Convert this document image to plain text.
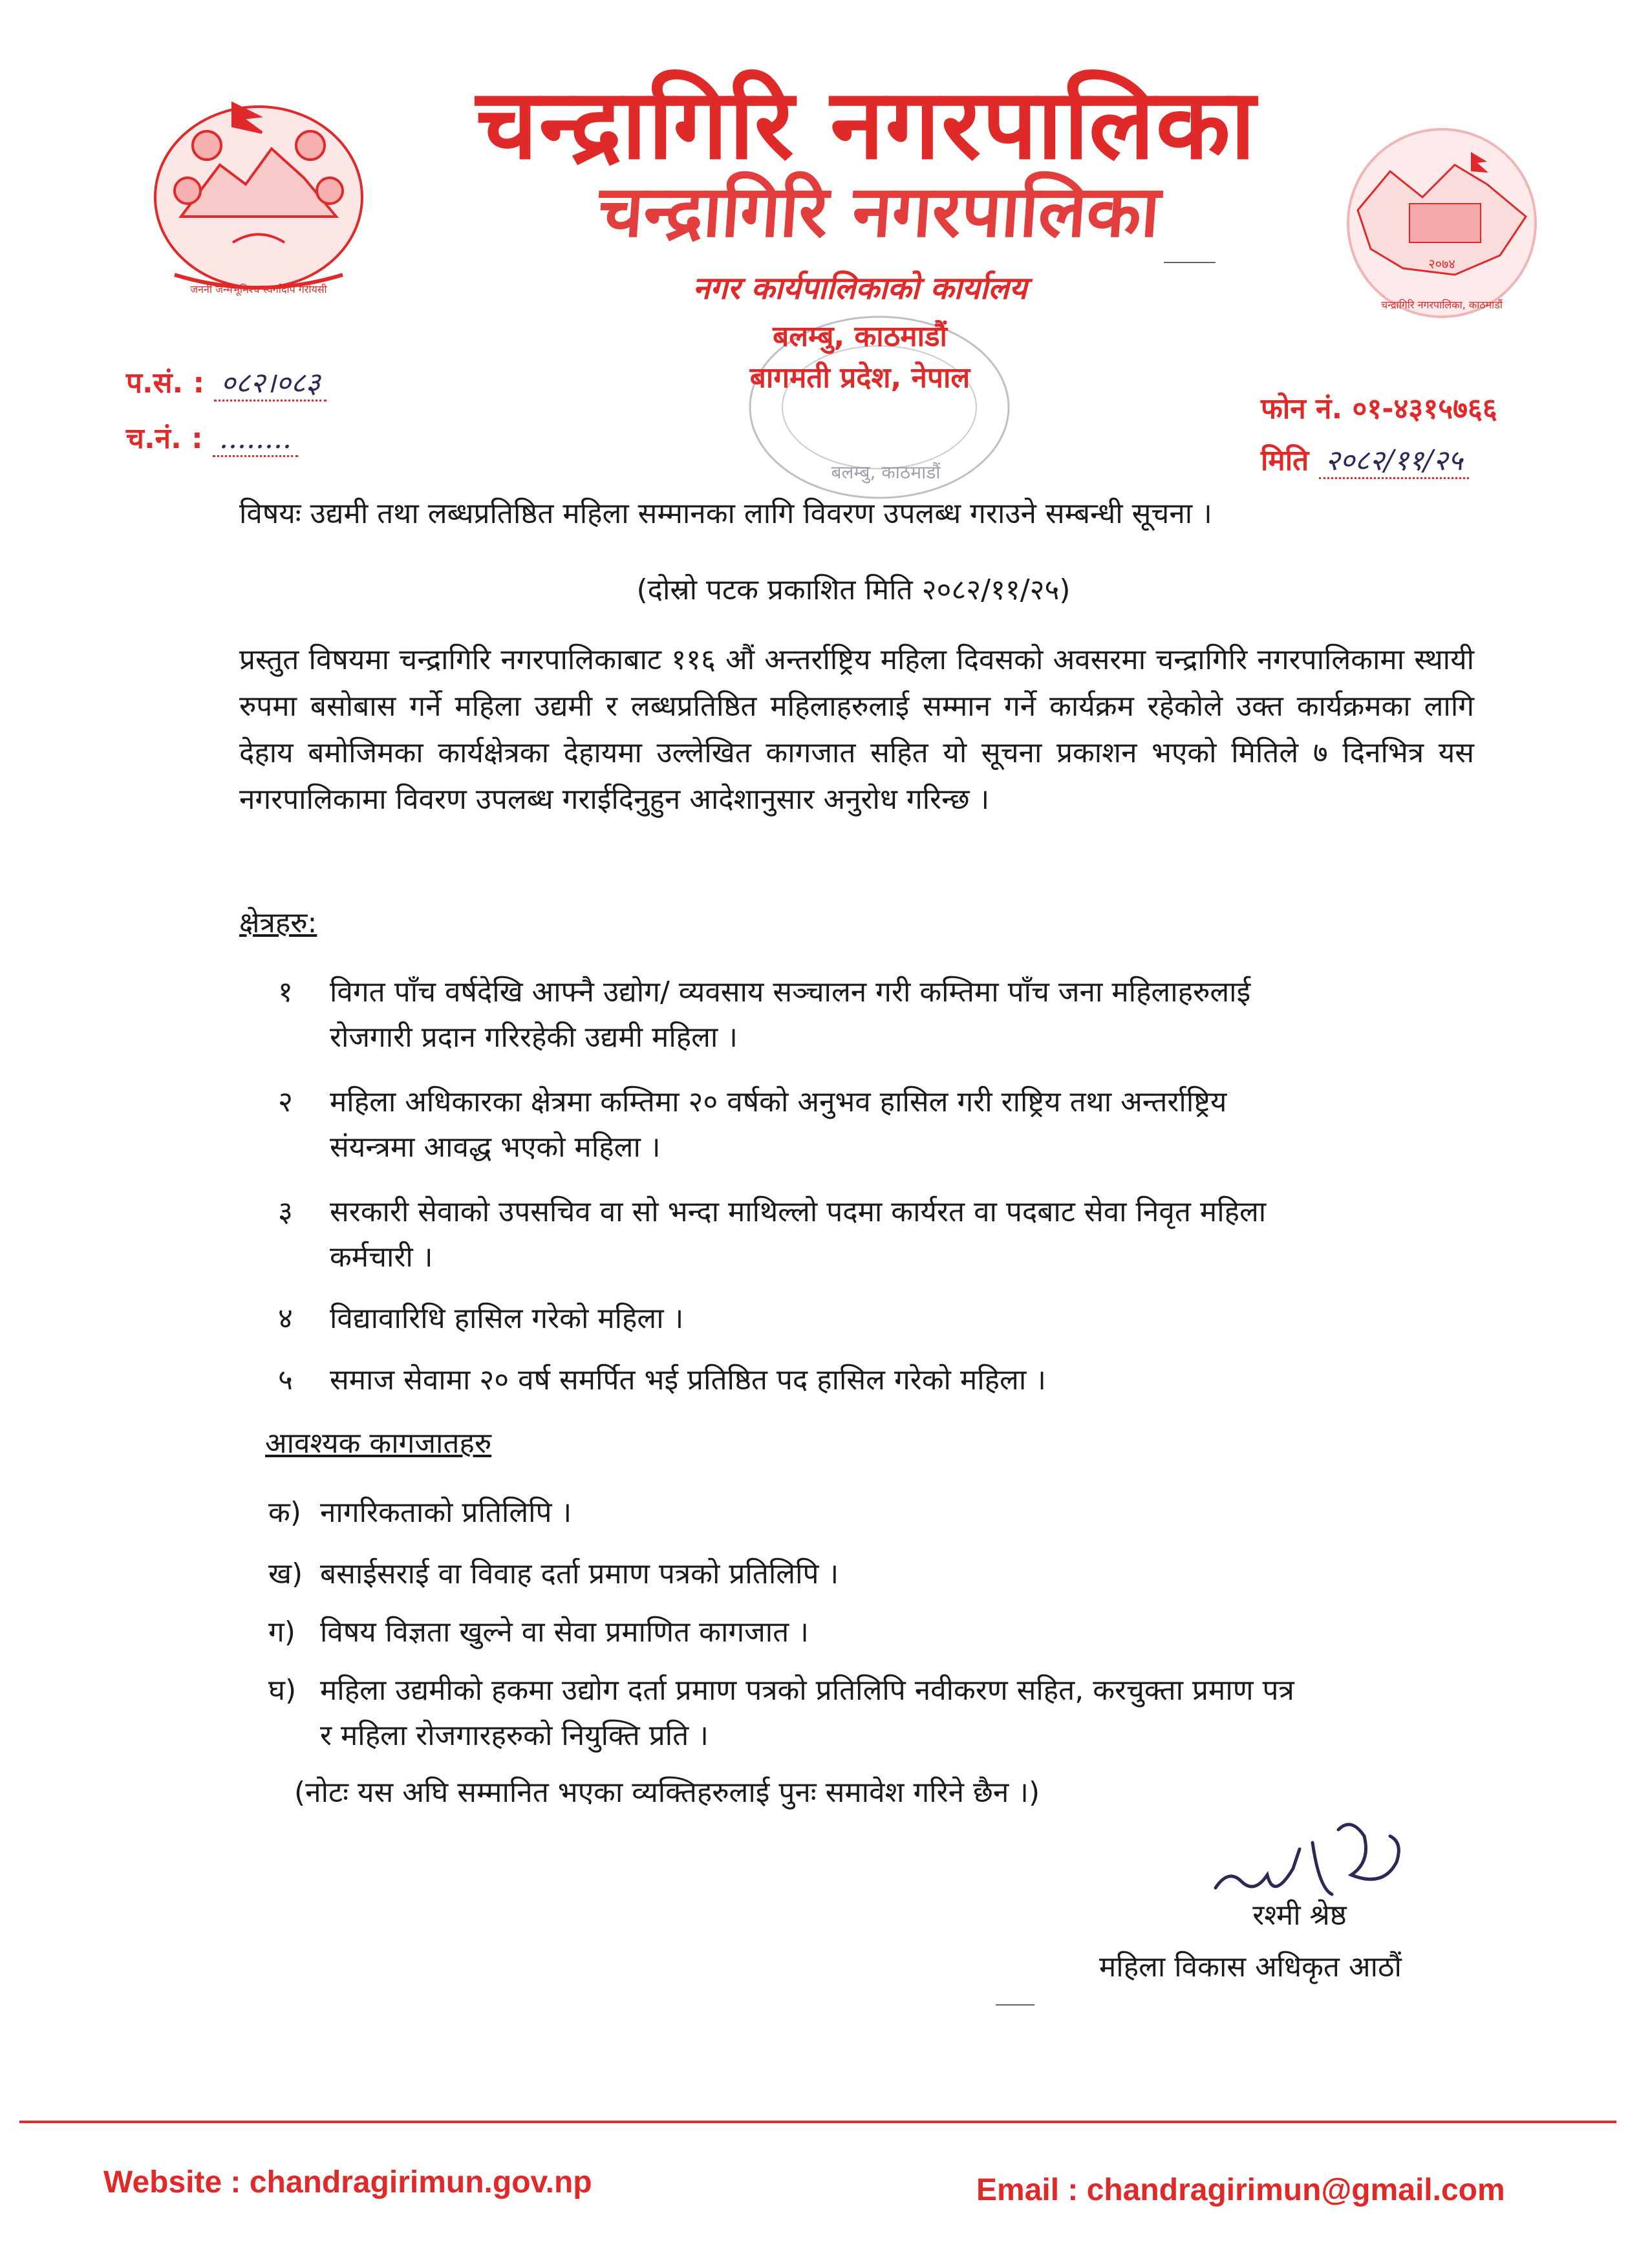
जननी जन्मभूमिश्च स्वर्गादपि गरीयसी
२०७४
चन्द्रागिरि नगरपालिका, काठमाडौं
बलम्बु, काठमाडौं
चन्द्रागिरि नगरपालिका
चन्द्रागिरि नगरपालिका
नगर कार्यपालिकाको कार्यालय
बलम्बु, काठमाडौं
बागमती प्रदेश, नेपाल
प.सं. : ०८२।०८३
च.नं. : ........
फोन नं. ०१-४३१५७६६
मिति २०८२/११/२५
विषयः उद्यमी तथा लब्धप्रतिष्ठित महिला सम्मानका लागि विवरण उपलब्ध गराउने सम्बन्धी सूचना ।
(दोस्रो पटक प्रकाशित मिति २०८२/११/२५)
प्रस्तुत विषयमा चन्द्रागिरि नगरपालिकाबाट ११६ औं अन्तर्राष्ट्रिय महिला दिवसको अवसरमा चन्द्रागिरि नगरपालिकामा स्थायी रुपमा बसोबास गर्ने महिला उद्यमी र लब्धप्रतिष्ठित महिलाहरुलाई सम्मान गर्ने कार्यक्रम रहेकोले उक्त कार्यक्रमका लागि देहाय बमोजिमका कार्यक्षेत्रका देहायमा उल्लेखित कागजात सहित यो सूचना प्रकाशन भएको मितिले ७ दिनभित्र यस नगरपालिकामा विवरण उपलब्ध गराईदिनुहुन आदेशानुसार अनुरोध गरिन्छ ।
क्षेत्रहरु:
१	विगत पाँच वर्षदेखि आफ्नै उद्योग/ व्यवसाय सञ्चालन गरी कम्तिमा पाँच जना महिलाहरुलाई
रोजगारी प्रदान गरिरहेकी उद्यमी महिला ।
२	महिला अधिकारका क्षेत्रमा कम्तिमा २० वर्षको अनुभव हासिल गरी राष्ट्रिय तथा अन्तर्राष्ट्रिय
संयन्त्रमा आवद्ध भएको महिला ।
३	सरकारी सेवाको उपसचिव वा सो भन्दा माथिल्लो पदमा कार्यरत वा पदबाट सेवा निवृत महिला
कर्मचारी ।
४	विद्यावारिधि हासिल गरेको महिला ।
५	समाज सेवामा २० वर्ष समर्पित भई प्रतिष्ठित पद हासिल गरेको महिला ।
आवश्यक कागजातहरु
क) नागरिकताको प्रतिलिपि ।
ख) बसाईसराई वा विवाह दर्ता प्रमाण पत्रको प्रतिलिपि ।
ग) विषय विज्ञता खुल्ने वा सेवा प्रमाणित कागजात ।
घ) महिला उद्यमीको हकमा उद्योग दर्ता प्रमाण पत्रको प्रतिलिपि नवीकरण सहित, करचुक्ता प्रमाण पत्र
र महिला रोजगारहरुको नियुक्ति प्रति ।
(नोटः यस अघि सम्मानित भएका व्यक्तिहरुलाई पुनः समावेश गरिने छैन ।)
रश्मी श्रेष्ठ
महिला विकास अधिकृत आठौं
Website : chandragirimun.gov.np	Email : chandragirimun@gmail.com
